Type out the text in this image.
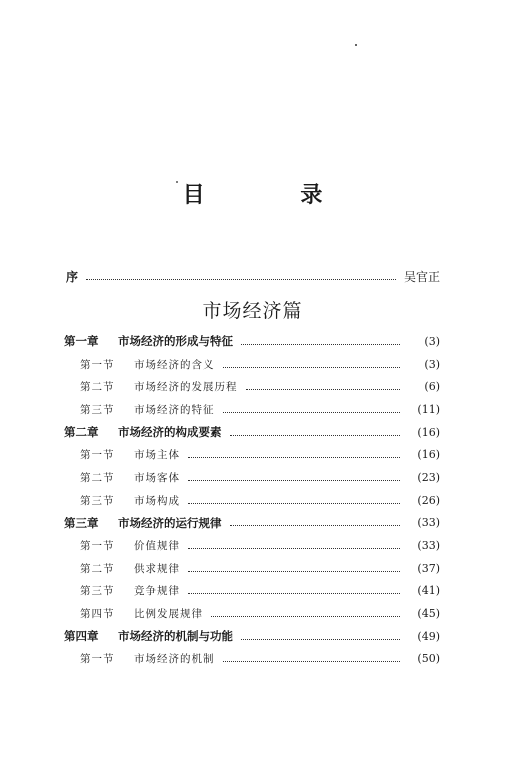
目 录
序	吴官正
市场经济篇
第一章	市场经济的形成与特征	(3)
第一节	市场经济的含义	(3)
第二节	市场经济的发展历程	(6)
第三节	市场经济的特征	(11)
第二章	市场经济的构成要素	(16)
第一节	市场主体	(16)
第二节	市场客体	(23)
第三节	市场构成	(26)
第三章	市场经济的运行规律	(33)
第一节	价值规律	(33)
第二节	供求规律	(37)
第三节	竞争规律	(41)
第四节	比例发展规律	(45)
第四章	市场经济的机制与功能	(49)
第一节	市场经济的机制	(50)
